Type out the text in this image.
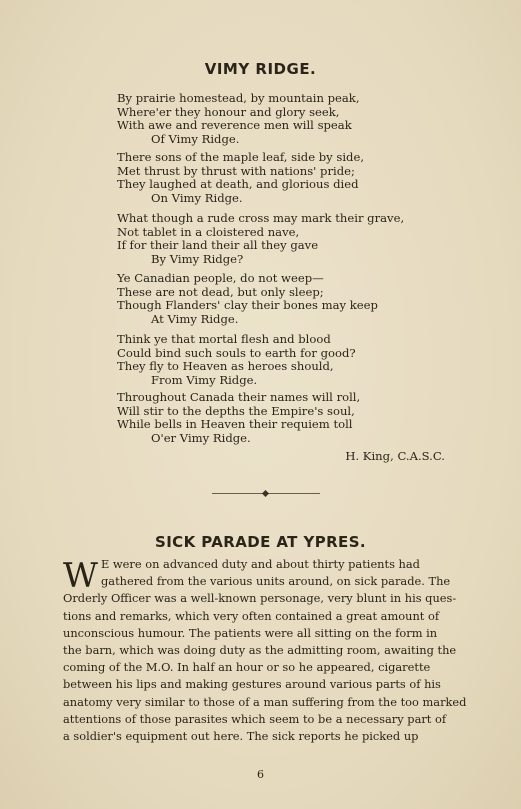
VIMY RIDGE.
By prairie homestead, by mountain peak,
Where'er they honour and glory seek,
With awe and reverence men will speak
Of Vimy Ridge.
There sons of the maple leaf, side by side,
Met thrust by thrust with nations' pride;
They laughed at death, and glorious died
On Vimy Ridge.
What though a rude cross may mark their grave,
Not tablet in a cloistered nave,
If for their land their all they gave
By Vimy Ridge?
Ye Canadian people, do not weep—
These are not dead, but only sleep;
Though Flanders' clay their bones may keep
At Vimy Ridge.
Think ye that mortal flesh and blood
Could bind such souls to earth for good?
They fly to Heaven as heroes should,
From Vimy Ridge.
Throughout Canada their names will roll,
Will stir to the depths the Empire's soul,
While bells in Heaven their requiem toll
O'er Vimy Ridge.
H. King, C.A.S.C.
SICK PARADE AT YPRES.
W E were on advanced duty and about thirty patients had
gathered from the various units around, on sick parade. The
Orderly Officer was a well-known personage, very blunt in his ques-
tions and remarks, which very often contained a great amount of
unconscious humour. The patients were all sitting on the form in
the barn, which was doing duty as the admitting room, awaiting the
coming of the M.O. In half an hour or so he appeared, cigarette
between his lips and making gestures around various parts of his
anatomy very similar to those of a man suffering from the too marked
attentions of those parasites which seem to be a necessary part of
a soldier's equipment out here. The sick reports he picked up
6
